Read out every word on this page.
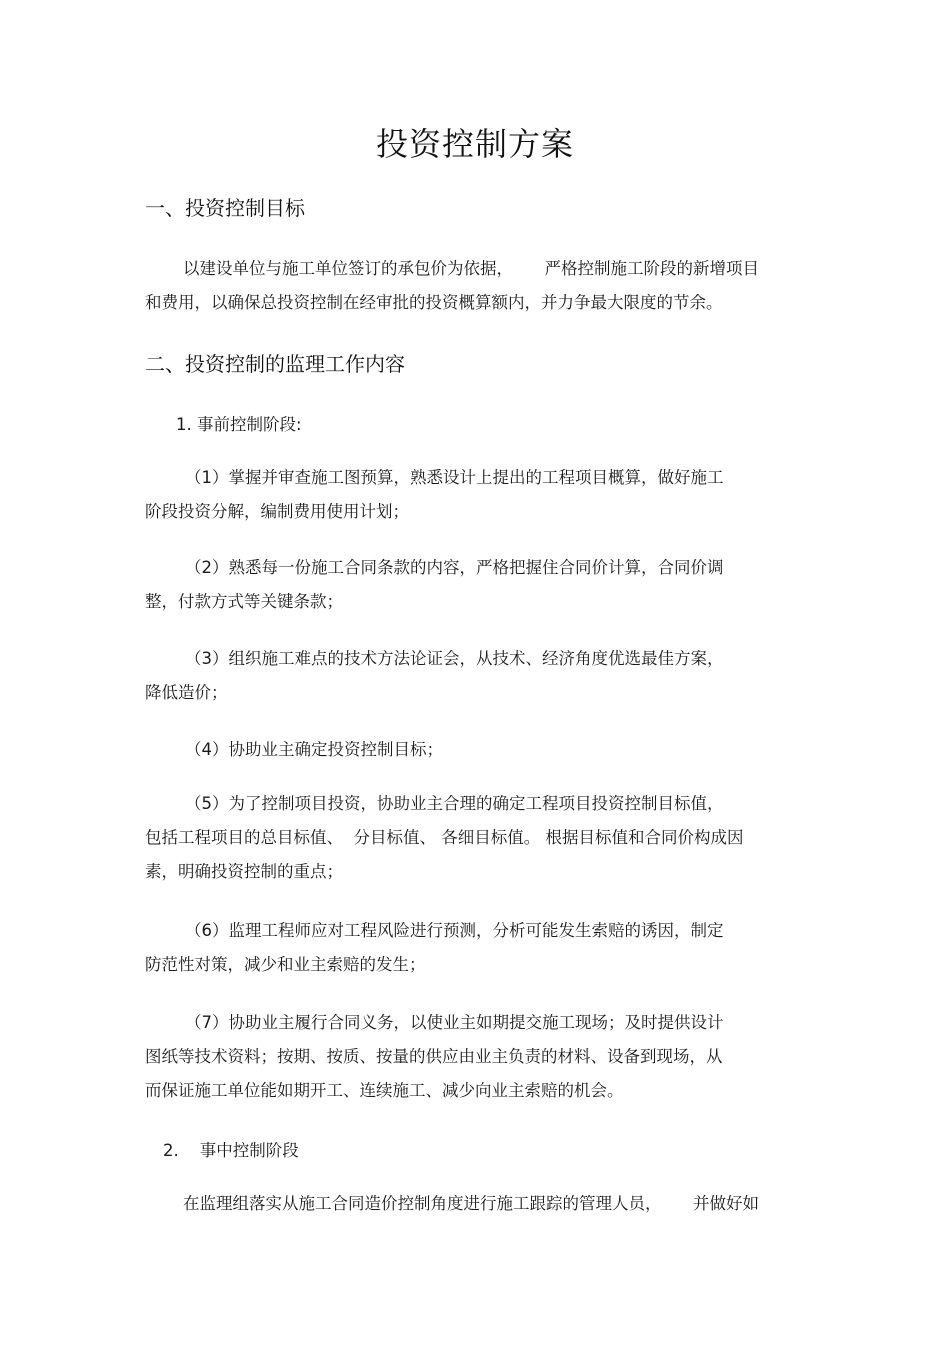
投资控制方案
一、投资控制目标
以建设单位与施工单位签订的承包价为依据，      严格控制施工阶段的新增项目
和费用，以确保总投资控制在经审批的投资概算额内，并力争最大限度的节余。
二、投资控制的监理工作内容
1. 事前控制阶段:
（1）掌握并审查施工图预算，熟悉设计上提出的工程项目概算，做好施工
阶段投资分解，编制费用使用计划；
（2）熟悉每一份施工合同条款的内容，严格把握住合同价计算，合同价调
整，付款方式等关键条款；
（3）组织施工难点的技术方法论证会，从技术、经济角度优选最佳方案，
降低造价；
（4）协助业主确定投资控制目标；
（5）为了控制项目投资，协助业主合理的确定工程项目投资控制目标值，
包括工程项目的总目标值、  分目标值、 各细目标值。 根据目标值和合同价构成因
素，明确投资控制的重点；
（6）监理工程师应对工程风险进行预测，分析可能发生索赔的诱因，制定
防范性对策，减少和业主索赔的发生；
（7）协助业主履行合同义务，以使业主如期提交施工现场；及时提供设计
图纸等技术资料；按期、按质、按量的供应由业主负责的材料、设备到现场，从
而保证施工单位能如期开工、连续施工、减少向业主索赔的机会。
2.    事中控制阶段
在监理组落实从施工合同造价控制角度进行施工跟踪的管理人员，      并做好如
